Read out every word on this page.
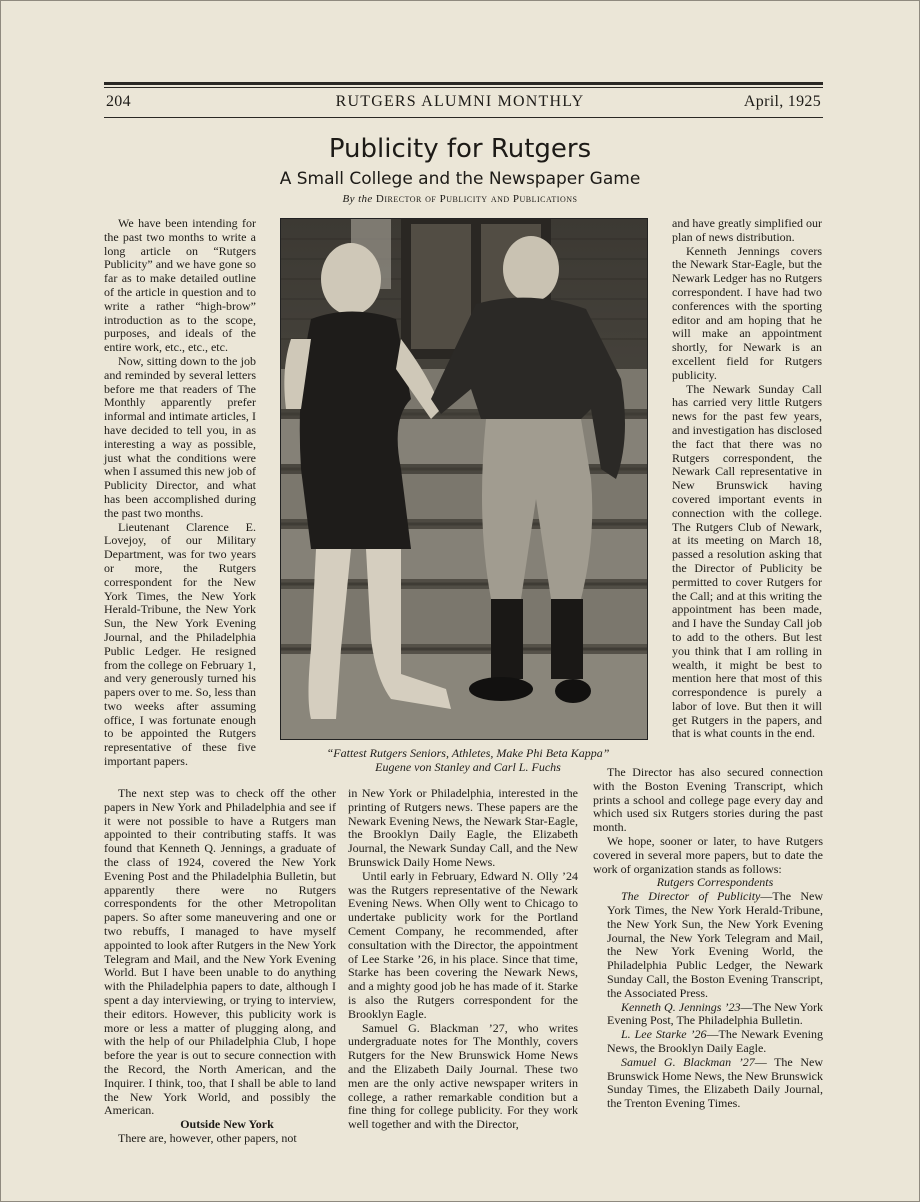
204	RUTGERS ALUMNI MONTHLY	April, 1925
Publicity for Rutgers
A Small College and the Newspaper Game
By the Director of Publicity and Publications

We have been intending for the past two months to write a long article on “Rutgers Publicity” and we have gone so far as to make detailed outline of the article in question and to write a rather “high-brow” introduction as to the scope, purposes, and ideals of the entire work, etc., etc., etc.

Now, sitting down to the job and reminded by several letters before me that readers of The Monthly apparently prefer informal and intimate articles, I have decided to tell you, in as interesting a way as possible, just what the conditions were when I assumed this new job of Publicity Director, and what has been accomplished during the past two months.

Lieutenant Clarence E. Lovejoy, of our Military Department, was for two years or more, the Rutgers correspondent for the New York Times, the New York Herald-Tribune, the New York Sun, the New York Evening Journal, and the Philadelphia Public Ledger. He resigned from the college on February 1, and very generously turned his papers over to me. So, less than two weeks after assuming office, I was fortunate enough to be appointed the Rutgers representative of these five important papers.

“Fattest Rutgers Seniors, Athletes, Make Phi Beta Kappa”
Eugene von Stanley and Carl L. Fuchs

The next step was to check off the other papers in New York and Philadelphia and see if it were not possible to have a Rutgers man appointed to their contributing staffs. It was found that Kenneth Q. Jennings, a graduate of the class of 1924, covered the New York Evening Post and the Philadelphia Bulletin, but apparently there were no Rutgers correspondents for the other Metropolitan papers. So after some maneuvering and one or two rebuffs, I managed to have myself appointed to look after Rutgers in the New York Telegram and Mail, and the New York Evening World. But I have been unable to do anything with the Philadelphia papers to date, although I spent a day interviewing, or trying to interview, their editors. However, this publicity work is more or less a matter of plugging along, and with the help of our Philadelphia Club, I hope before the year is out to secure connection with the Record, the North American, and the Inquirer. I think, too, that I shall be able to land the New York World, and possibly the American.

Outside New York

There are, however, other papers, not

in New York or Philadelphia, interested in the printing of Rutgers news. These papers are the Newark Evening News, the Newark Star-Eagle, the Brooklyn Daily Eagle, the Elizabeth Journal, the Newark Sunday Call, and the New Brunswick Daily Home News.

Until early in February, Edward N. Olly ’24 was the Rutgers representative of the Newark Evening News. When Olly went to Chicago to undertake publicity work for the Portland Cement Company, he recommended, after consultation with the Director, the appointment of Lee Starke ’26, in his place. Since that time, Starke has been covering the Newark News, and a mighty good job he has made of it. Starke is also the Rutgers correspondent for the Brooklyn Eagle.

Samuel G. Blackman ’27, who writes undergraduate notes for The Monthly, covers Rutgers for the New Brunswick Home News and the Elizabeth Daily Journal. These two men are the only active newspaper writers in college, a rather remarkable condition but a fine thing for college publicity. For they work well together and with the Director,

and have greatly simplified our plan of news distribution.

Kenneth Jennings covers the Newark Star-Eagle, but the Newark Ledger has no Rutgers correspondent. I have had two conferences with the sporting editor and am hoping that he will make an appointment shortly, for Newark is an excellent field for Rutgers publicity.

The Newark Sunday Call has carried very little Rutgers news for the past few years, and investigation has disclosed the fact that there was no Rutgers correspondent, the Newark Call representative in New Brunswick having covered important events in connection with the college. The Rutgers Club of Newark, at its meeting on March 18, passed a resolution asking that the Director of Publicity be permitted to cover Rutgers for the Call; and at this writing the appointment has been made, and I have the Sunday Call job to add to the others. But lest you think that I am rolling in wealth, it might be best to mention here that most of this correspondence is purely a labor of love. But then it will get Rutgers in the papers, and that is what counts in the end.

The Director has also secured connection with the Boston Evening Transcript, which prints a school and college page every day and which used six Rutgers stories during the past month.

We hope, sooner or later, to have Rutgers covered in several more papers, but to date the work of organization stands as follows:

Rutgers Correspondents

The Director of Publicity—The New York Times, the New York Herald-Tribune, the New York Sun, the New York Evening Journal, the New York Telegram and Mail, the New York Evening World, the Philadelphia Public Ledger, the Newark Sunday Call, the Boston Evening Transcript, the Associated Press.

Kenneth Q. Jennings ’23—The New York Evening Post, The Philadelphia Bulletin.

L. Lee Starke ’26—The Newark Evening News, the Brooklyn Daily Eagle.

Samuel G. Blackman ’27— The New Brunswick Home News, the New Brunswick Sunday Times, the Elizabeth Daily Journal, the Trenton Evening Times.
